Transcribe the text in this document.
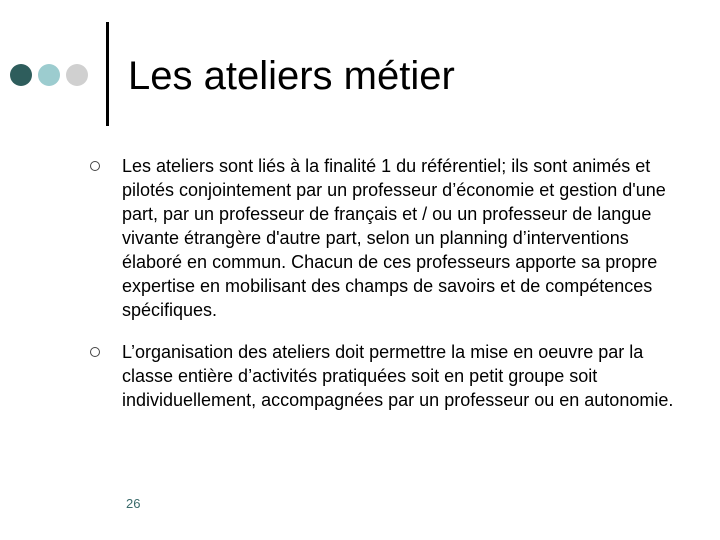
Les ateliers métier
Les ateliers sont liés à la finalité 1 du référentiel; ils sont animés et pilotés conjointement par un professeur d’économie et gestion d'une part, par un professeur de français et / ou un professeur de langue vivante étrangère d'autre part, selon un planning d’interventions élaboré en commun. Chacun de ces professeurs apporte sa propre expertise en mobilisant des champs de savoirs et de compétences spécifiques.
L’organisation des ateliers doit permettre la mise en oeuvre par la classe entière d’activités pratiquées soit en petit groupe soit individuellement, accompagnées par un professeur ou en autonomie.
26
